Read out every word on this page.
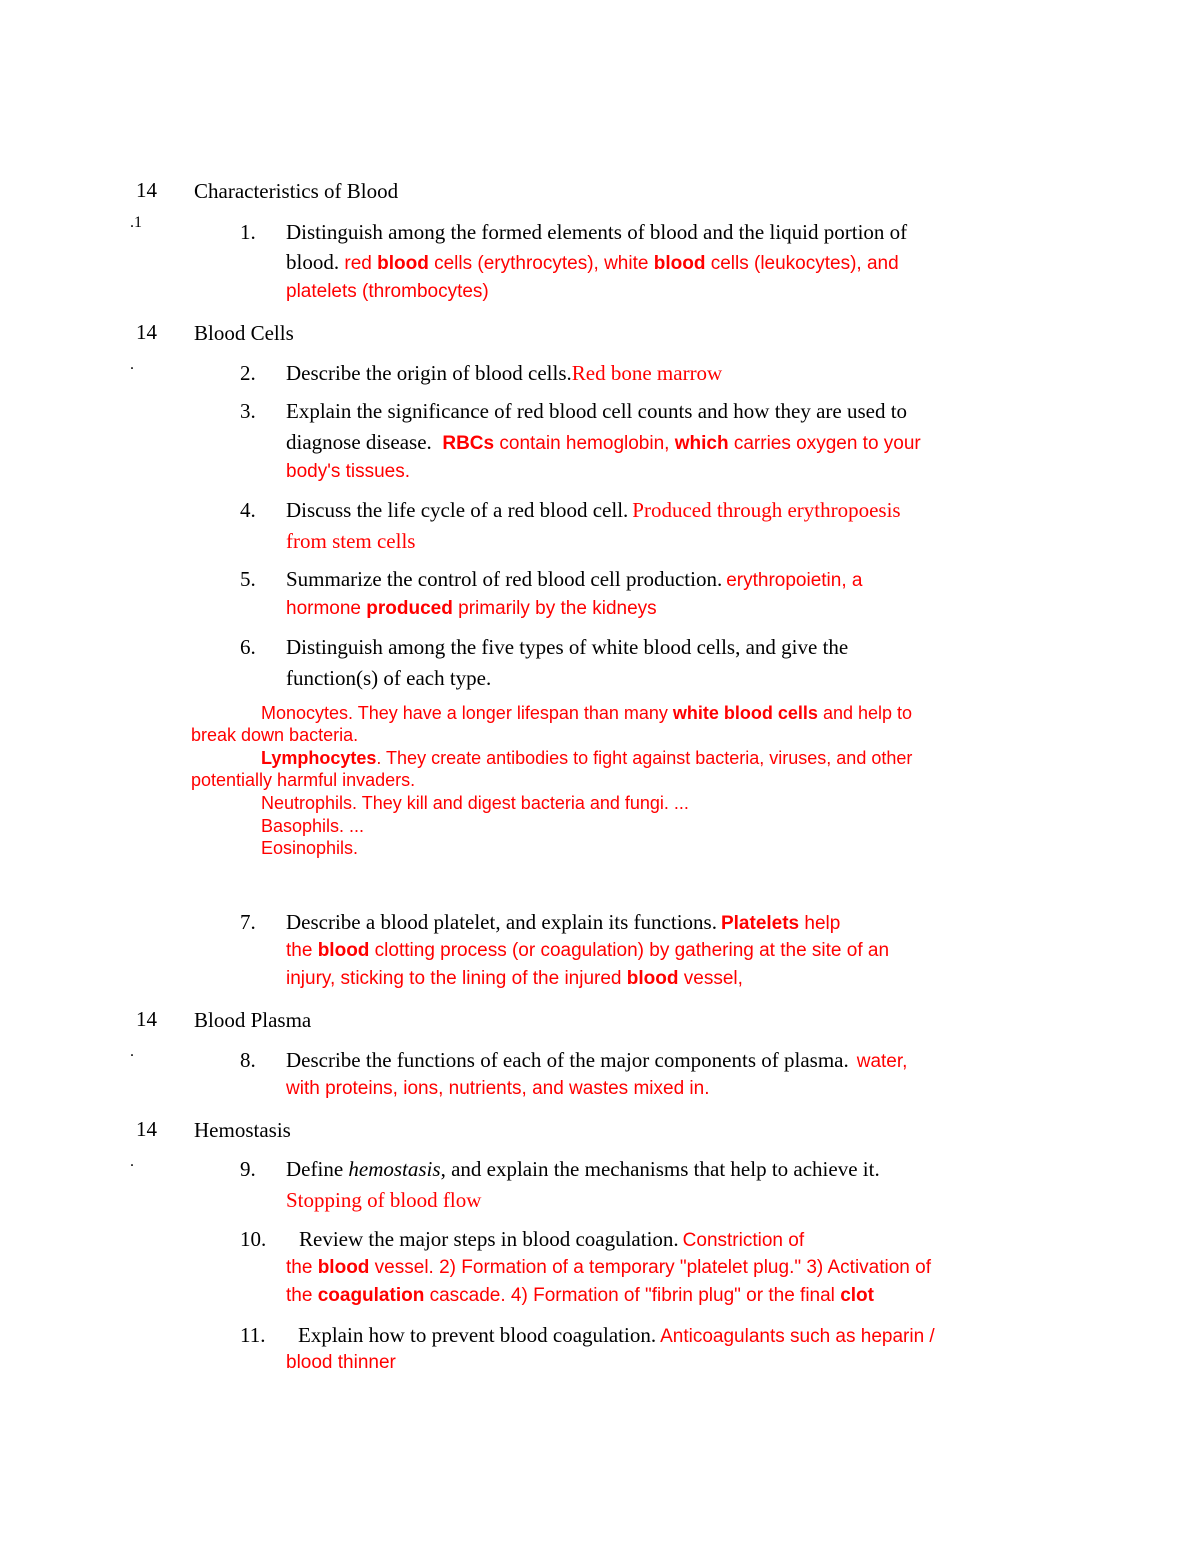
14
.1
Characteristics of Blood
1. Distinguish among the formed elements of blood and the liquid portion of
blood. red blood cells (erythrocytes), white blood cells (leukocytes), and
platelets (thrombocytes)
14
.
Blood Cells
2. Describe the origin of blood cells.Red bone marrow
3. Explain the significance of red blood cell counts and how they are used to
diagnose disease. RBCs contain hemoglobin, which carries oxygen to your
body's tissues.
4. Discuss the life cycle of a red blood cell. Produced through erythropoesis
from stem cells
5. Summarize the control of red blood cell production. erythropoietin, a
hormone produced primarily by the kidneys
6. Distinguish among the five types of white blood cells, and give the
function(s) of each type.
Monocytes. They have a longer lifespan than many white blood cells and help to
break down bacteria.
Lymphocytes. They create antibodies to fight against bacteria, viruses, and other
potentially harmful invaders.
Neutrophils. They kill and digest bacteria and fungi. ...
Basophils. ...
Eosinophils.
7. Describe a blood platelet, and explain its functions. Platelets help
the blood clotting process (or coagulation) by gathering at the site of an
injury, sticking to the lining of the injured blood vessel,
14
.
Blood Plasma
8. Describe the functions of each of the major components of plasma. water,
with proteins, ions, nutrients, and wastes mixed in.
14
.
Hemostasis
9. Define hemostasis, and explain the mechanisms that help to achieve it.
Stopping of blood flow
10. Review the major steps in blood coagulation. Constriction of
the blood vessel. 2) Formation of a temporary "platelet plug." 3) Activation of
the coagulation cascade. 4) Formation of "fibrin plug" or the final clot
11. Explain how to prevent blood coagulation. Anticoagulants such as heparin /
blood thinner
